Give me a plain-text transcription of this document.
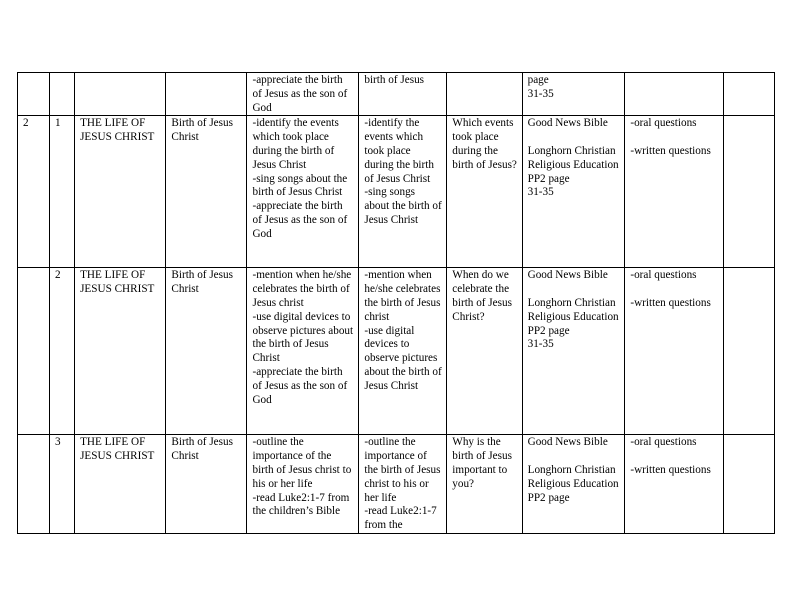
				-appreciate the birth of Jesus as the son of God	birth of Jesus		page
31-35		
2	1	THE LIFE OF JESUS CHRIST	Birth of Jesus Christ	-identify the events which took place during the birth of Jesus Christ
-sing songs about the birth of Jesus Christ
-appreciate the birth of Jesus as the son of God	-identify the events which took place during the birth of Jesus Christ
-sing songs about the birth of Jesus Christ	Which events took place during the birth of Jesus?	Good News Bible

Longhorn Christian Religious Education PP2 page
31-35	-oral questions

-written questions	
	2	THE LIFE OF JESUS CHRIST	Birth of Jesus Christ	-mention when he/she celebrates the birth of Jesus christ
-use digital devices to observe pictures about the birth of Jesus Christ
-appreciate the birth of Jesus as the son of God	-mention when he/she celebrates the birth of Jesus christ
-use digital devices to observe pictures about the birth of Jesus Christ	When do we celebrate the birth of Jesus Christ?	Good News Bible

Longhorn Christian Religious Education PP2 page
31-35	-oral questions

-written questions	
	3	THE LIFE OF JESUS CHRIST	Birth of Jesus Christ	-outline the importance of the birth of Jesus christ to his or her life
-read Luke2:1-7 from the children’s Bible	-outline the importance of the birth of Jesus christ to his or her life
-read Luke2:1-7 from the	Why is the birth of Jesus important to you?	Good News Bible

Longhorn Christian Religious Education PP2 page	-oral questions

-written questions	
